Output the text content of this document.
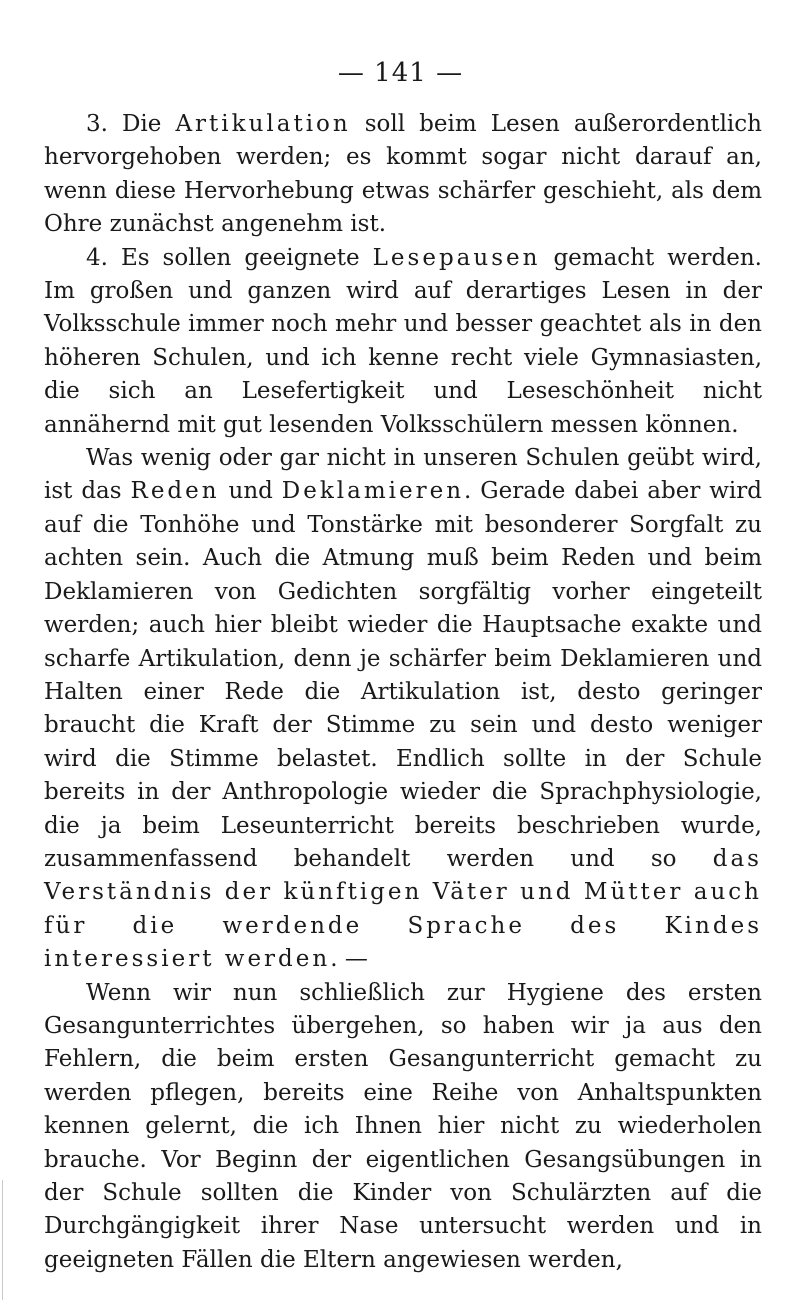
— 141 —

3. Die Artikulation soll beim Lesen außerordentlich hervorgehoben werden; es kommt sogar nicht darauf an, wenn diese Hervorhebung etwas schärfer geschieht, als dem Ohre zunächst angenehm ist.

4. Es sollen geeignete Lesepausen gemacht werden. Im großen und ganzen wird auf derartiges Lesen in der Volksschule immer noch mehr und besser geachtet als in den höheren Schulen, und ich kenne recht viele Gymnasiasten, die sich an Lesefertigkeit und Leseschönheit nicht annähernd mit gut lesenden Volksschülern messen können.

Was wenig oder gar nicht in unseren Schulen geübt wird, ist das Reden und Deklamieren. Gerade dabei aber wird auf die Tonhöhe und Tonstärke mit besonderer Sorgfalt zu achten sein. Auch die Atmung muß beim Reden und beim Deklamieren von Gedichten sorgfältig vorher eingeteilt werden; auch hier bleibt wieder die Hauptsache exakte und scharfe Artikulation, denn je schärfer beim Deklamieren und Halten einer Rede die Artikulation ist, desto geringer braucht die Kraft der Stimme zu sein und desto weniger wird die Stimme belastet. Endlich sollte in der Schule bereits in der Anthropologie wieder die Sprachphysiologie, die ja beim Leseunterricht bereits beschrieben wurde, zusammenfassend behandelt werden und so das Verständnis der künftigen Väter und Mütter auch für die werdende Sprache des Kindes interessiert werden. —

Wenn wir nun schließlich zur Hygiene des ersten Gesangunterrichtes übergehen, so haben wir ja aus den Fehlern, die beim ersten Gesangunterricht gemacht zu werden pflegen, bereits eine Reihe von Anhaltspunkten kennen gelernt, die ich Ihnen hier nicht zu wiederholen brauche. Vor Beginn der eigentlichen Gesangsübungen in der Schule sollten die Kinder von Schulärzten auf die Durchgängigkeit ihrer Nase untersucht werden und in geeigneten Fällen die Eltern angewiesen werden,
